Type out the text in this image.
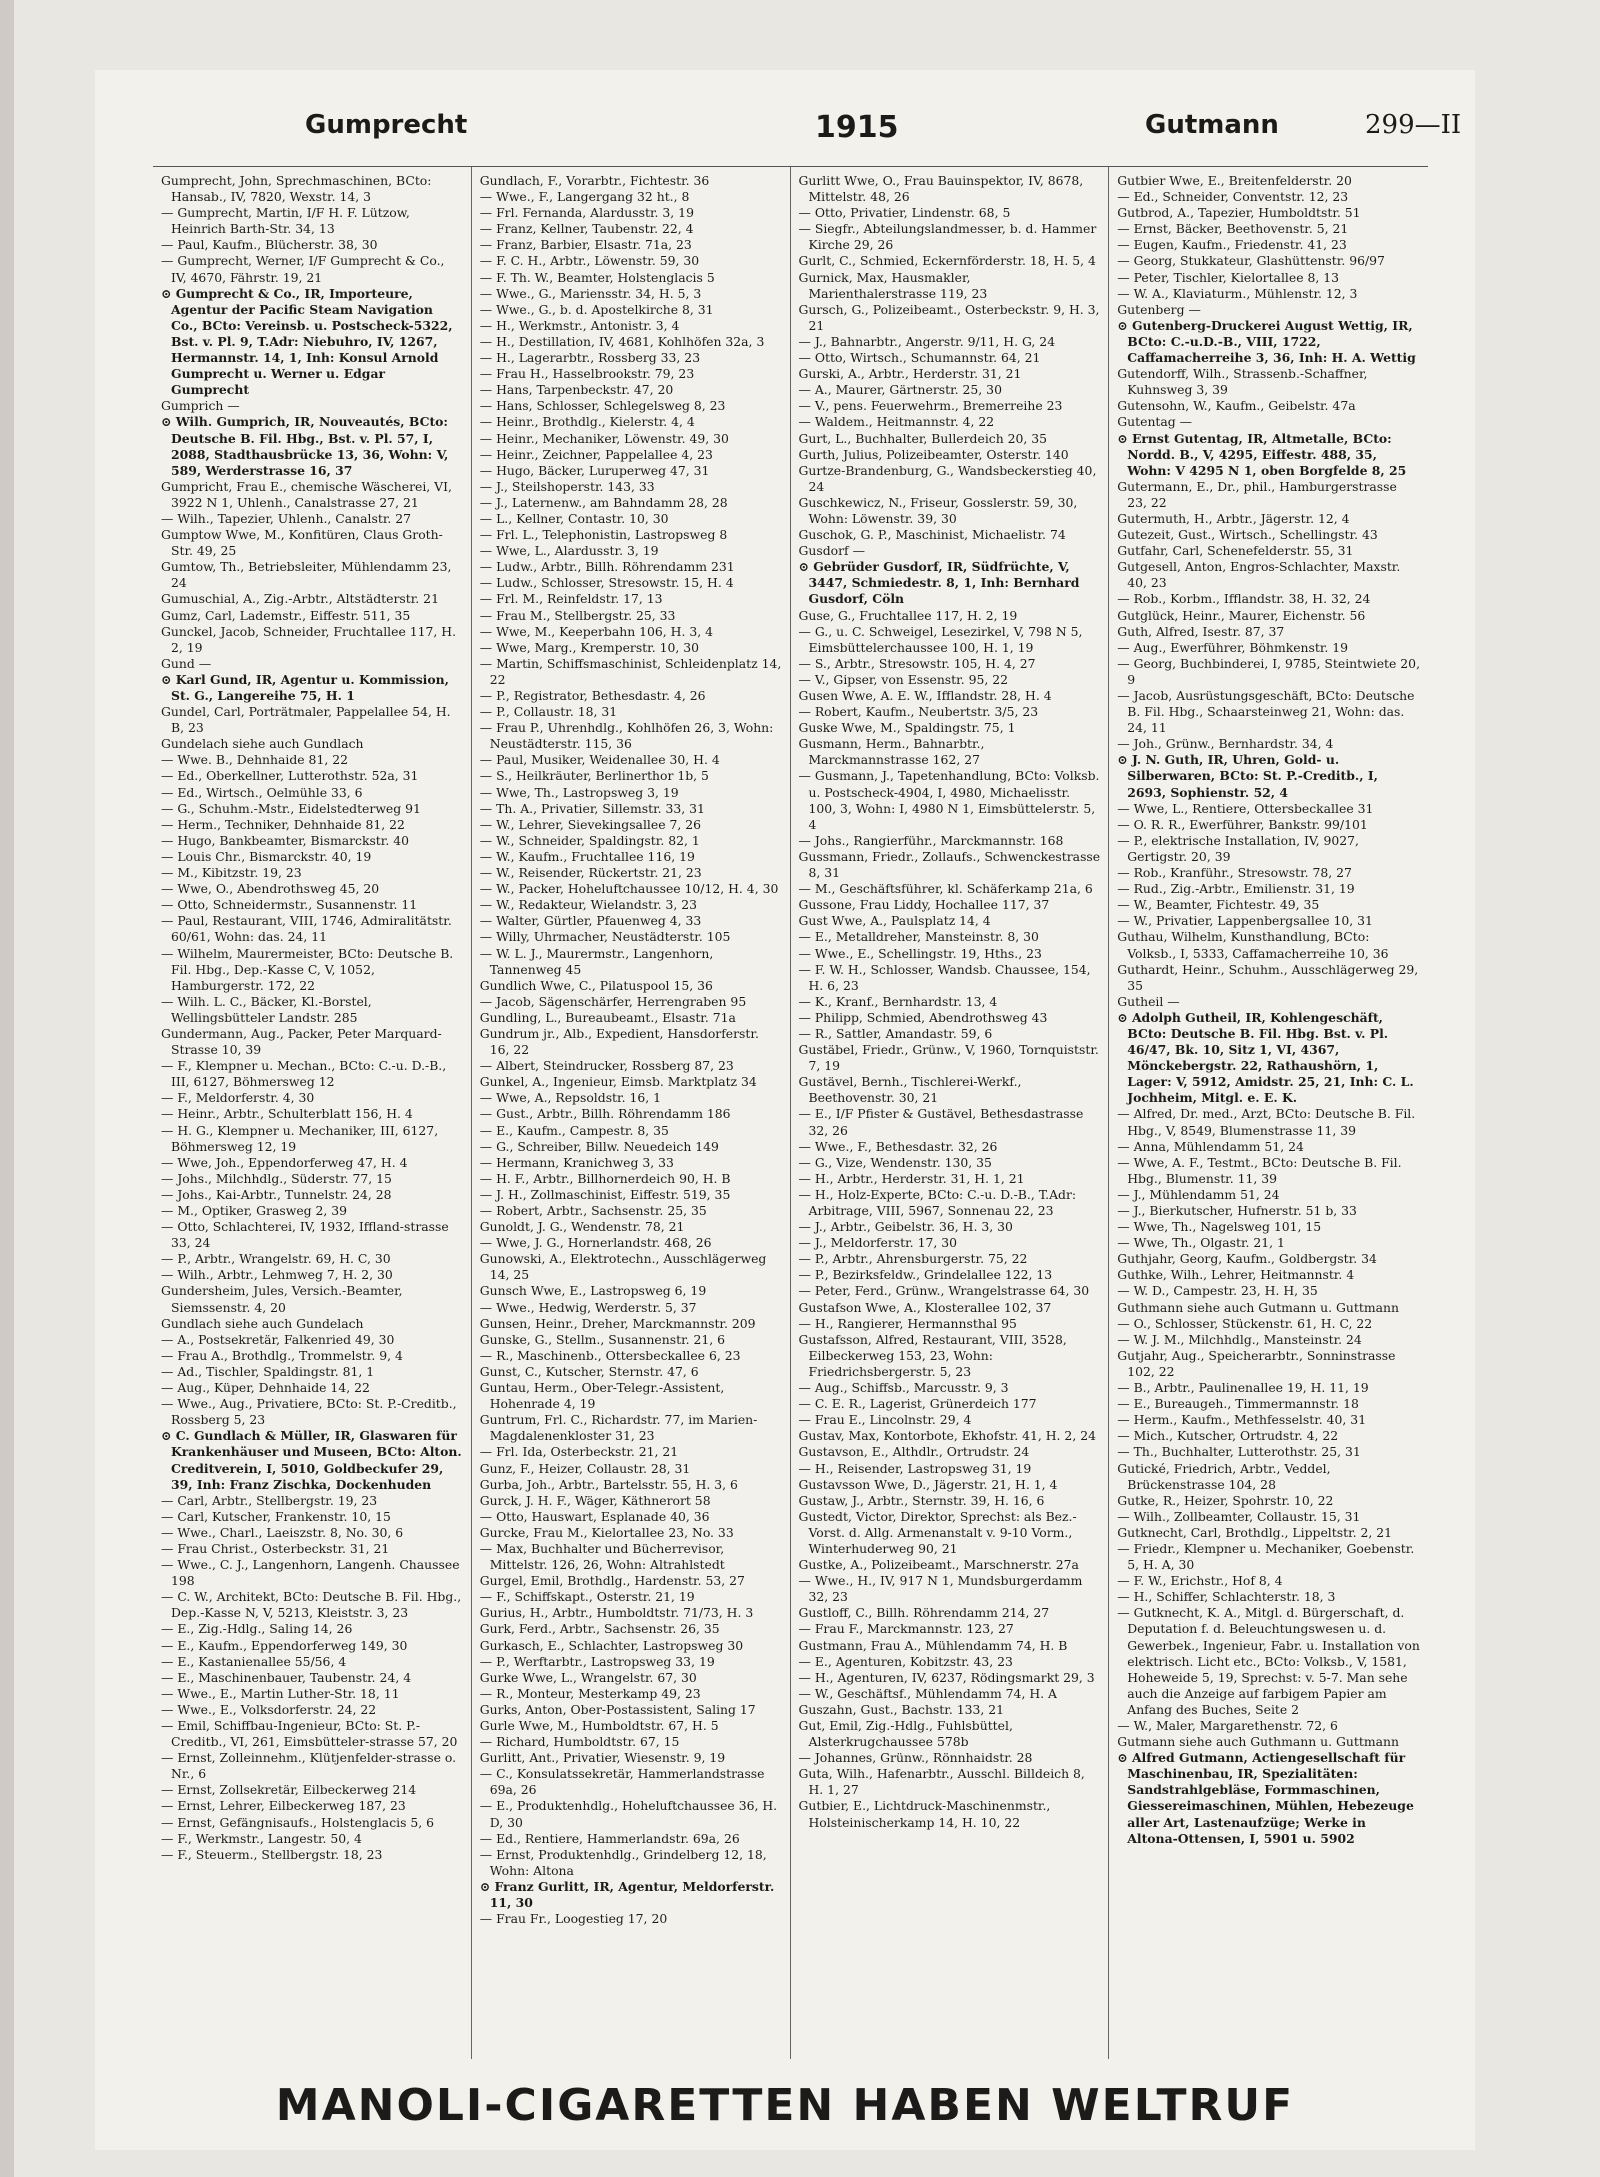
Gumprecht	1915	Gutmann	299—II

Gumprecht, John, Sprechmaschinen, BCto: Hansab., IV, 7820, Wexstr. 14, 3

— Gumprecht, Martin, I/F H. F. Lützow, Heinrich Barth-Str. 34, 13

— Paul, Kaufm., Blücherstr. 38, 30

— Gumprecht, Werner, I/F Gumprecht & Co., IV, 4670, Fährstr. 19, 21

⊙ Gumprecht & Co., IR, Importeure, Agentur der Pacific Steam Navigation Co., BCto: Vereinsb. u. Postscheck-5322, Bst. v. Pl. 9, T.Adr: Niebuhro, IV, 1267, Hermannstr. 14, 1, Inh: Konsul Arnold Gumprecht u. Werner u. Edgar Gumprecht

Gumprich —

⊙ Wilh. Gumprich, IR, Nouveautés, BCto: Deutsche B. Fil. Hbg., Bst. v. Pl. 57, I, 2088, Stadthausbrücke 13, 36, Wohn: V, 589, Werderstrasse 16, 37

Gumpricht, Frau E., chemische Wäscherei, VI, 3922 N 1, Uhlenh., Canalstrasse 27, 21

— Wilh., Tapezier, Uhlenh., Canalstr. 27

Gumptow Wwe, M., Konfitüren, Claus Groth-Str. 49, 25

Gumtow, Th., Betriebsleiter, Mühlendamm 23, 24

Gumuschial, A., Zig.-Arbtr., Altstädterstr. 21

Gumz, Carl, Lademstr., Eiffestr. 511, 35

Gunckel, Jacob, Schneider, Fruchtallee 117, H. 2, 19

Gund —

⊙ Karl Gund, IR, Agentur u. Kommission, St. G., Langereihe 75, H. 1

Gundel, Carl, Porträtmaler, Pappelallee 54, H. B, 23

Gundelach siehe auch Gundlach

— Wwe. B., Dehnhaide 81, 22

— Ed., Oberkellner, Lutterothstr. 52a, 31

— Ed., Wirtsch., Oelmühle 33, 6

— G., Schuhm.-Mstr., Eidelstedterweg 91

— Herm., Techniker, Dehnhaide 81, 22

— Hugo, Bankbeamter, Bismarckstr. 40

— Louis Chr., Bismarckstr. 40, 19

— M., Kibitzstr. 19, 23

— Wwe, O., Abendrothsweg 45, 20

— Otto, Schneidermstr., Susannenstr. 11

— Paul, Restaurant, VIII, 1746, Admiralitätstr. 60/61, Wohn: das. 24, 11

— Wilhelm, Maurermeister, BCto: Deutsche B. Fil. Hbg., Dep.-Kasse C, V, 1052, Hamburgerstr. 172, 22

— Wilh. L. C., Bäcker, Kl.-Borstel, Wellingsbütteler Landstr. 285

Gundermann, Aug., Packer, Peter Marquard-Strasse 10, 39

— F., Klempner u. Mechan., BCto: C.-u. D.-B., III, 6127, Böhmersweg 12

— F., Meldorferstr. 4, 30

— Heinr., Arbtr., Schulterblatt 156, H. 4

— H. G., Klempner u. Mechaniker, III, 6127, Böhmersweg 12, 19

— Wwe, Joh., Eppendorferweg 47, H. 4

— Johs., Milchhdlg., Süderstr. 77, 15

— Johs., Kai-Arbtr., Tunnelstr. 24, 28

— M., Optiker, Grasweg 2, 39

— Otto, Schlachterei, IV, 1932, Iffland-strasse 33, 24

— P., Arbtr., Wrangelstr. 69, H. C, 30

— Wilh., Arbtr., Lehmweg 7, H. 2, 30

Gundersheim, Jules, Versich.-Beamter, Siemssenstr. 4, 20

Gundlach siehe auch Gundelach

— A., Postsekretär, Falkenried 49, 30

— Frau A., Brothdlg., Trommelstr. 9, 4

— Ad., Tischler, Spaldingstr. 81, 1

— Aug., Küper, Dehnhaide 14, 22

— Wwe., Aug., Privatiere, BCto: St. P.-Creditb., Rossberg 5, 23

⊙ C. Gundlach & Müller, IR, Glaswaren für Krankenhäuser und Museen, BCto: Alton. Creditverein, I, 5010, Goldbeckufer 29, 39, Inh: Franz Zischka, Dockenhuden

— Carl, Arbtr., Stellbergstr. 19, 23

— Carl, Kutscher, Frankenstr. 10, 15

— Wwe., Charl., Laeiszstr. 8, No. 30, 6

— Frau Christ., Osterbeckstr. 31, 21

— Wwe., C. J., Langenhorn, Langenh. Chaussee 198

— C. W., Architekt, BCto: Deutsche B. Fil. Hbg., Dep.-Kasse N, V, 5213, Kleiststr. 3, 23

— E., Zig.-Hdlg., Saling 14, 26

— E., Kaufm., Eppendorferweg 149, 30

— E., Kastanienallee 55/56, 4

— E., Maschinenbauer, Taubenstr. 24, 4

— Wwe., E., Martin Luther-Str. 18, 11

— Wwe., E., Volksdorferstr. 24, 22

— Emil, Schiffbau-Ingenieur, BCto: St. P.-Creditb., VI, 261, Eimsbütteler-strasse 57, 20

— Ernst, Zolleinnehm., Klütjenfelder-strasse o. Nr., 6

— Ernst, Zollsekretär, Eilbeckerweg 214

— Ernst, Lehrer, Eilbeckerweg 187, 23

— Ernst, Gefängnisaufs., Holstenglacis 5, 6

— F., Werkmstr., Langestr. 50, 4

— F., Steuerm., Stellbergstr. 18, 23

Gundlach, F., Vorarbtr., Fichtestr. 36

— Wwe., F., Langergang 32 ht., 8

— Frl. Fernanda, Alardusstr. 3, 19

— Franz, Kellner, Taubenstr. 22, 4

— Franz, Barbier, Elsastr. 71a, 23

— F. C. H., Arbtr., Löwenstr. 59, 30

— F. Th. W., Beamter, Holstenglacis 5

— Wwe., G., Mariensstr. 34, H. 5, 3

— Wwe., G., b. d. Apostelkirche 8, 31

— H., Werkmstr., Antonistr. 3, 4

— H., Destillation, IV, 4681, Kohlhöfen 32a, 3

— H., Lagerarbtr., Rossberg 33, 23

— Frau H., Hasselbrookstr. 79, 23

— Hans, Tarpenbeckstr. 47, 20

— Hans, Schlosser, Schlegelsweg 8, 23

— Heinr., Brothdlg., Kielerstr. 4, 4

— Heinr., Mechaniker, Löwenstr. 49, 30

— Heinr., Zeichner, Pappelallee 4, 23

— Hugo, Bäcker, Luruperweg 47, 31

— J., Steilshoperstr. 143, 33

— J., Laternenw., am Bahndamm 28, 28

— L., Kellner, Contastr. 10, 30

— Frl. L., Telephonistin, Lastropsweg 8

— Wwe, L., Alardusstr. 3, 19

— Ludw., Arbtr., Billh. Röhrendamm 231

— Ludw., Schlosser, Stresowstr. 15, H. 4

— Frl. M., Reinfeldstr. 17, 13

— Frau M., Stellbergstr. 25, 33

— Wwe, M., Keeperbahn 106, H. 3, 4

— Wwe, Marg., Kremperstr. 10, 30

— Martin, Schiffsmaschinist, Schleidenplatz 14, 22

— P., Registrator, Bethesdastr. 4, 26

— P., Collaustr. 18, 31

— Frau P., Uhrenhdlg., Kohlhöfen 26, 3, Wohn: Neustädterstr. 115, 36

— Paul, Musiker, Weidenallee 30, H. 4

— S., Heilkräuter, Berlinerthor 1b, 5

— Wwe, Th., Lastropsweg 3, 19

— Th. A., Privatier, Sillemstr. 33, 31

— W., Lehrer, Sievekingsallee 7, 26

— W., Schneider, Spaldingstr. 82, 1

— W., Kaufm., Fruchtallee 116, 19

— W., Reisender, Rückertstr. 21, 23

— W., Packer, Hoheluftchaussee 10/12, H. 4, 30

— W., Redakteur, Wielandstr. 3, 23

— Walter, Gürtler, Pfauenweg 4, 33

— Willy, Uhrmacher, Neustädterstr. 105

— W. L. J., Maurermstr., Langenhorn, Tannenweg 45

Gundlich Wwe, C., Pilatuspool 15, 36

— Jacob, Sägenschärfer, Herrengraben 95

Gundling, L., Bureaubeamt., Elsastr. 71a

Gundrum jr., Alb., Expedient, Hansdorferstr. 16, 22

— Albert, Steindrucker, Rossberg 87, 23

Gunkel, A., Ingenieur, Eimsb. Marktplatz 34

— Wwe, A., Repsoldstr. 16, 1

— Gust., Arbtr., Billh. Röhrendamm 186

— E., Kaufm., Campestr. 8, 35

— G., Schreiber, Billw. Neuedeich 149

— Hermann, Kranichweg 3, 33

— H. F., Arbtr., Billhornerdeich 90, H. B

— J. H., Zollmaschinist, Eiffestr. 519, 35

— Robert, Arbtr., Sachsenstr. 25, 35

Gunoldt, J. G., Wendenstr. 78, 21

— Wwe, J. G., Hornerlandstr. 468, 26

Gunowski, A., Elektrotechn., Ausschlägerweg 14, 25

Gunsch Wwe, E., Lastropsweg 6, 19

— Wwe., Hedwig, Werderstr. 5, 37

Gunsen, Heinr., Dreher, Marckmannstr. 209

Gunske, G., Stellm., Susannenstr. 21, 6

— R., Maschinenb., Ottersbeckallee 6, 23

Gunst, C., Kutscher, Sternstr. 47, 6

Guntau, Herm., Ober-Telegr.-Assistent, Hohenrade 4, 19

Guntrum, Frl. C., Richardstr. 77, im Marien-Magdalenenkloster 31, 23

— Frl. Ida, Osterbeckstr. 21, 21

Gunz, F., Heizer, Collaustr. 28, 31

Gurba, Joh., Arbtr., Bartelsstr. 55, H. 3, 6

Gurck, J. H. F., Wäger, Käthnerort 58

— Otto, Hauswart, Esplanade 40, 36

Gurcke, Frau M., Kielortallee 23, No. 33

— Max, Buchhalter und Bücherrevisor, Mittelstr. 126, 26, Wohn: Altrahlstedt

Gurgel, Emil, Brothdlg., Hardenstr. 53, 27

— F., Schiffskapt., Osterstr. 21, 19

Gurius, H., Arbtr., Humboldtstr. 71/73, H. 3

Gurk, Ferd., Arbtr., Sachsenstr. 26, 35

Gurkasch, E., Schlachter, Lastropsweg 30

— P., Werftarbtr., Lastropsweg 33, 19

Gurke Wwe, L., Wrangelstr. 67, 30

— R., Monteur, Mesterkamp 49, 23

Gurks, Anton, Ober-Postassistent, Saling 17

Gurle Wwe, M., Humboldtstr. 67, H. 5

— Richard, Humboldtstr. 67, 15

Gurlitt, Ant., Privatier, Wiesenstr. 9, 19

— C., Konsulatssekretär, Hammerlandstrasse 69a, 26

— E., Produktenhdlg., Hoheluftchaussee 36, H. D, 30

— Ed., Rentiere, Hammerlandstr. 69a, 26

— Ernst, Produktenhdlg., Grindelberg 12, 18, Wohn: Altona

⊙ Franz Gurlitt, IR, Agentur, Meldorferstr. 11, 30

— Frau Fr., Loogestieg 17, 20

Gurlitt Wwe, O., Frau Bauinspektor, IV, 8678, Mittelstr. 48, 26

— Otto, Privatier, Lindenstr. 68, 5

— Siegfr., Abteilungslandmesser, b. d. Hammer Kirche 29, 26

Gurlt, C., Schmied, Eckernförderstr. 18, H. 5, 4

Gurnick, Max, Hausmakler, Marienthalerstrasse 119, 23

Gursch, G., Polizeibeamt., Osterbeckstr. 9, H. 3, 21

— J., Bahnarbtr., Angerstr. 9/11, H. G, 24

— Otto, Wirtsch., Schumannstr. 64, 21

Gurski, A., Arbtr., Herderstr. 31, 21

— A., Maurer, Gärtnerstr. 25, 30

— V., pens. Feuerwehrm., Bremerreihe 23

— Waldem., Heitmannstr. 4, 22

Gurt, L., Buchhalter, Bullerdeich 20, 35

Gurth, Julius, Polizeibeamter, Osterstr. 140

Gurtze-Brandenburg, G., Wandsbeckerstieg 40, 24

Guschkewicz, N., Friseur, Gosslerstr. 59, 30, Wohn: Löwenstr. 39, 30

Guschok, G. P., Maschinist, Michaelistr. 74

Gusdorf —

⊙ Gebrüder Gusdorf, IR, Südfrüchte, V, 3447, Schmiedestr. 8, 1, Inh: Bernhard Gusdorf, Cöln

Guse, G., Fruchtallee 117, H. 2, 19

— G., u. C. Schweigel, Lesezirkel, V, 798 N 5, Eimsbüttelerchaussee 100, H. 1, 19

— S., Arbtr., Stresowstr. 105, H. 4, 27

— V., Gipser, von Essenstr. 95, 22

Gusen Wwe, A. E. W., Ifflandstr. 28, H. 4

— Robert, Kaufm., Neubertstr. 3/5, 23

Guske Wwe, M., Spaldingstr. 75, 1

Gusmann, Herm., Bahnarbtr., Marckmannstrasse 162, 27

— Gusmann, J., Tapetenhandlung, BCto: Volksb. u. Postscheck-4904, I, 4980, Michaelisstr. 100, 3, Wohn: I, 4980 N 1, Eimsbüttelerstr. 5, 4

— Johs., Rangierführ., Marckmannstr. 168

Gussmann, Friedr., Zollaufs., Schwenckestrasse 8, 31

— M., Geschäftsführer, kl. Schäferkamp 21a, 6

Gussone, Frau Liddy, Hochallee 117, 37

Gust Wwe, A., Paulsplatz 14, 4

— E., Metalldreher, Mansteinstr. 8, 30

— Wwe., E., Schellingstr. 19, Hths., 23

— F. W. H., Schlosser, Wandsb. Chaussee, 154, H. 6, 23

— K., Kranf., Bernhardstr. 13, 4

— Philipp, Schmied, Abendrothsweg 43

— R., Sattler, Amandastr. 59, 6

Gustäbel, Friedr., Grünw., V, 1960, Tornquiststr. 7, 19

Gustävel, Bernh., Tischlerei-Werkf., Beethovenstr. 30, 21

— E., I/F Pfister & Gustävel, Bethesdastrasse 32, 26

— Wwe., F., Bethesdastr. 32, 26

— G., Vize, Wendenstr. 130, 35

— H., Arbtr., Herderstr. 31, H. 1, 21

— H., Holz-Experte, BCto: C.-u. D.-B., T.Adr: Arbitrage, VIII, 5967, Sonnenau 22, 23

— J., Arbtr., Geibelstr. 36, H. 3, 30

— J., Meldorferstr. 17, 30

— P., Arbtr., Ahrensburgerstr. 75, 22

— P., Bezirksfeldw., Grindelallee 122, 13

— Peter, Ferd., Grünw., Wrangelstrasse 64, 30

Gustafson Wwe, A., Klosterallee 102, 37

— H., Rangierer, Hermannsthal 95

Gustafsson, Alfred, Restaurant, VIII, 3528, Eilbeckerweg 153, 23, Wohn: Friedrichsbergerstr. 5, 23

— Aug., Schiffsb., Marcusstr. 9, 3

— C. E. R., Lagerist, Grünerdeich 177

— Frau E., Lincolnstr. 29, 4

Gustav, Max, Kontorbote, Ekhofstr. 41, H. 2, 24

Gustavson, E., Althdlr., Ortrudstr. 24

— H., Reisender, Lastropsweg 31, 19

Gustavsson Wwe, D., Jägerstr. 21, H. 1, 4

Gustaw, J., Arbtr., Sternstr. 39, H. 16, 6

Gustedt, Victor, Direktor, Sprechst: als Bez.-Vorst. d. Allg. Armenanstalt v. 9-10 Vorm., Winterhuderweg 90, 21

Gustke, A., Polizeibeamt., Marschnerstr. 27a

— Wwe., H., IV, 917 N 1, Mundsburgerdamm 32, 23

Gustloff, C., Billh. Röhrendamm 214, 27

— Frau F., Marckmannstr. 123, 27

Gustmann, Frau A., Mühlendamm 74, H. B

— E., Agenturen, Kobitzstr. 43, 23

— H., Agenturen, IV, 6237, Rödingsmarkt 29, 3

— W., Geschäftsf., Mühlendamm 74, H. A

Guszahn, Gust., Bachstr. 133, 21

Gut, Emil, Zig.-Hdlg., Fuhlsbüttel, Alsterkrugchaussee 578b

— Johannes, Grünw., Rönnhaidstr. 28

Guta, Wilh., Hafenarbtr., Ausschl. Billdeich 8, H. 1, 27

Gutbier, E., Lichtdruck-Maschinenmstr., Holsteinischerkamp 14, H. 10, 22

Gutbier Wwe, E., Breitenfelderstr. 20

— Ed., Schneider, Conventstr. 12, 23

Gutbrod, A., Tapezier, Humboldtstr. 51

— Ernst, Bäcker, Beethovenstr. 5, 21

— Eugen, Kaufm., Friedenstr. 41, 23

— Georg, Stukkateur, Glashüttenstr. 96/97

— Peter, Tischler, Kielortallee 8, 13

— W. A., Klaviaturm., Mühlenstr. 12, 3

Gutenberg —

⊙ Gutenberg-Druckerei August Wettig, IR, BCto: C.-u.D.-B., VIII, 1722, Caffamacherreihe 3, 36, Inh: H. A. Wettig

Gutendorff, Wilh., Strassenb.-Schaffner, Kuhnsweg 3, 39

Gutensohn, W., Kaufm., Geibelstr. 47a

Gutentag —

⊙ Ernst Gutentag, IR, Altmetalle, BCto: Nordd. B., V, 4295, Eiffestr. 488, 35, Wohn: V 4295 N 1, oben Borgfelde 8, 25

Gutermann, E., Dr., phil., Hamburgerstrasse 23, 22

Gutermuth, H., Arbtr., Jägerstr. 12, 4

Gutezeit, Gust., Wirtsch., Schellingstr. 43

Gutfahr, Carl, Schenefelderstr. 55, 31

Gutgesell, Anton, Engros-Schlachter, Maxstr. 40, 23

— Rob., Korbm., Ifflandstr. 38, H. 32, 24

Gutglück, Heinr., Maurer, Eichenstr. 56

Guth, Alfred, Isestr. 87, 37

— Aug., Ewerführer, Böhmkenstr. 19

— Georg, Buchbinderei, I, 9785, Steintwiete 20, 9

— Jacob, Ausrüstungsgeschäft, BCto: Deutsche B. Fil. Hbg., Schaarsteinweg 21, Wohn: das. 24, 11

— Joh., Grünw., Bernhardstr. 34, 4

⊙ J. N. Guth, IR, Uhren, Gold- u. Silberwaren, BCto: St. P.-Creditb., I, 2693, Sophienstr. 52, 4

— Wwe, L., Rentiere, Ottersbeckallee 31

— O. R. R., Ewerführer, Bankstr. 99/101

— P., elektrische Installation, IV, 9027, Gertigstr. 20, 39

— Rob., Kranführ., Stresowstr. 78, 27

— Rud., Zig.-Arbtr., Emilienstr. 31, 19

— W., Beamter, Fichtestr. 49, 35

— W., Privatier, Lappenbergsallee 10, 31

Guthau, Wilhelm, Kunsthandlung, BCto: Volksb., I, 5333, Caffamacherreihe 10, 36

Guthardt, Heinr., Schuhm., Ausschlägerweg 29, 35

Gutheil —

⊙ Adolph Gutheil, IR, Kohlengeschäft, BCto: Deutsche B. Fil. Hbg. Bst. v. Pl. 46/47, Bk. 10, Sitz 1, VI, 4367, Mönckebergstr. 22, Rathaushörn, 1, Lager: V, 5912, Amidstr. 25, 21, Inh: C. L. Jochheim, Mitgl. e. E. K.

— Alfred, Dr. med., Arzt, BCto: Deutsche B. Fil. Hbg., V, 8549, Blumenstrasse 11, 39

— Anna, Mühlendamm 51, 24

— Wwe, A. F., Testmt., BCto: Deutsche B. Fil. Hbg., Blumenstr. 11, 39

— J., Mühlendamm 51, 24

— J., Bierkutscher, Hufnerstr. 51 b, 33

— Wwe, Th., Nagelsweg 101, 15

— Wwe, Th., Olgastr. 21, 1

Guthjahr, Georg, Kaufm., Goldbergstr. 34

Guthke, Wilh., Lehrer, Heitmannstr. 4

— W. D., Campestr. 23, H. H, 35

Guthmann siehe auch Gutmann u. Guttmann

— O., Schlosser, Stückenstr. 61, H. C, 22

— W. J. M., Milchhdlg., Mansteinstr. 24

Gutjahr, Aug., Speicherarbtr., Sonninstrasse 102, 22

— B., Arbtr., Paulinenallee 19, H. 11, 19

— E., Bureaugeh., Timmermannstr. 18

— Herm., Kaufm., Methfesselstr. 40, 31

— Mich., Kutscher, Ortrudstr. 4, 22

— Th., Buchhalter, Lutterothstr. 25, 31

Gutické, Friedrich, Arbtr., Veddel, Brückenstrasse 104, 28

Gutke, R., Heizer, Spohrstr. 10, 22

— Wilh., Zollbeamter, Collaustr. 15, 31

Gutknecht, Carl, Brothdlg., Lippeltstr. 2, 21

— Friedr., Klempner u. Mechaniker, Goebenstr. 5, H. A, 30

— F. W., Erichstr., Hof 8, 4

— H., Schiffer, Schlachterstr. 18, 3

— Gutknecht, K. A., Mitgl. d. Bürgerschaft, d. Deputation f. d. Beleuchtungswesen u. d. Gewerbek., Ingenieur, Fabr. u. Installation von elektrisch. Licht etc., BCto: Volksb., V, 1581, Hoheweide 5, 19, Sprechst: v. 5-7. Man sehe auch die Anzeige auf farbigem Papier am Anfang des Buches, Seite 2

— W., Maler, Margarethenstr. 72, 6

Gutmann siehe auch Guthmann u. Guttmann

⊙ Alfred Gutmann, Actiengesellschaft für Maschinenbau, IR, Spezialitäten: Sandstrahlgebläse, Formmaschinen, Giessereimaschinen, Mühlen, Hebezeuge aller Art, Lastenaufzüge; Werke in Altona-Ottensen, I, 5901 u. 5902

MANOLI-CIGARETTEN HABEN WELTRUF
